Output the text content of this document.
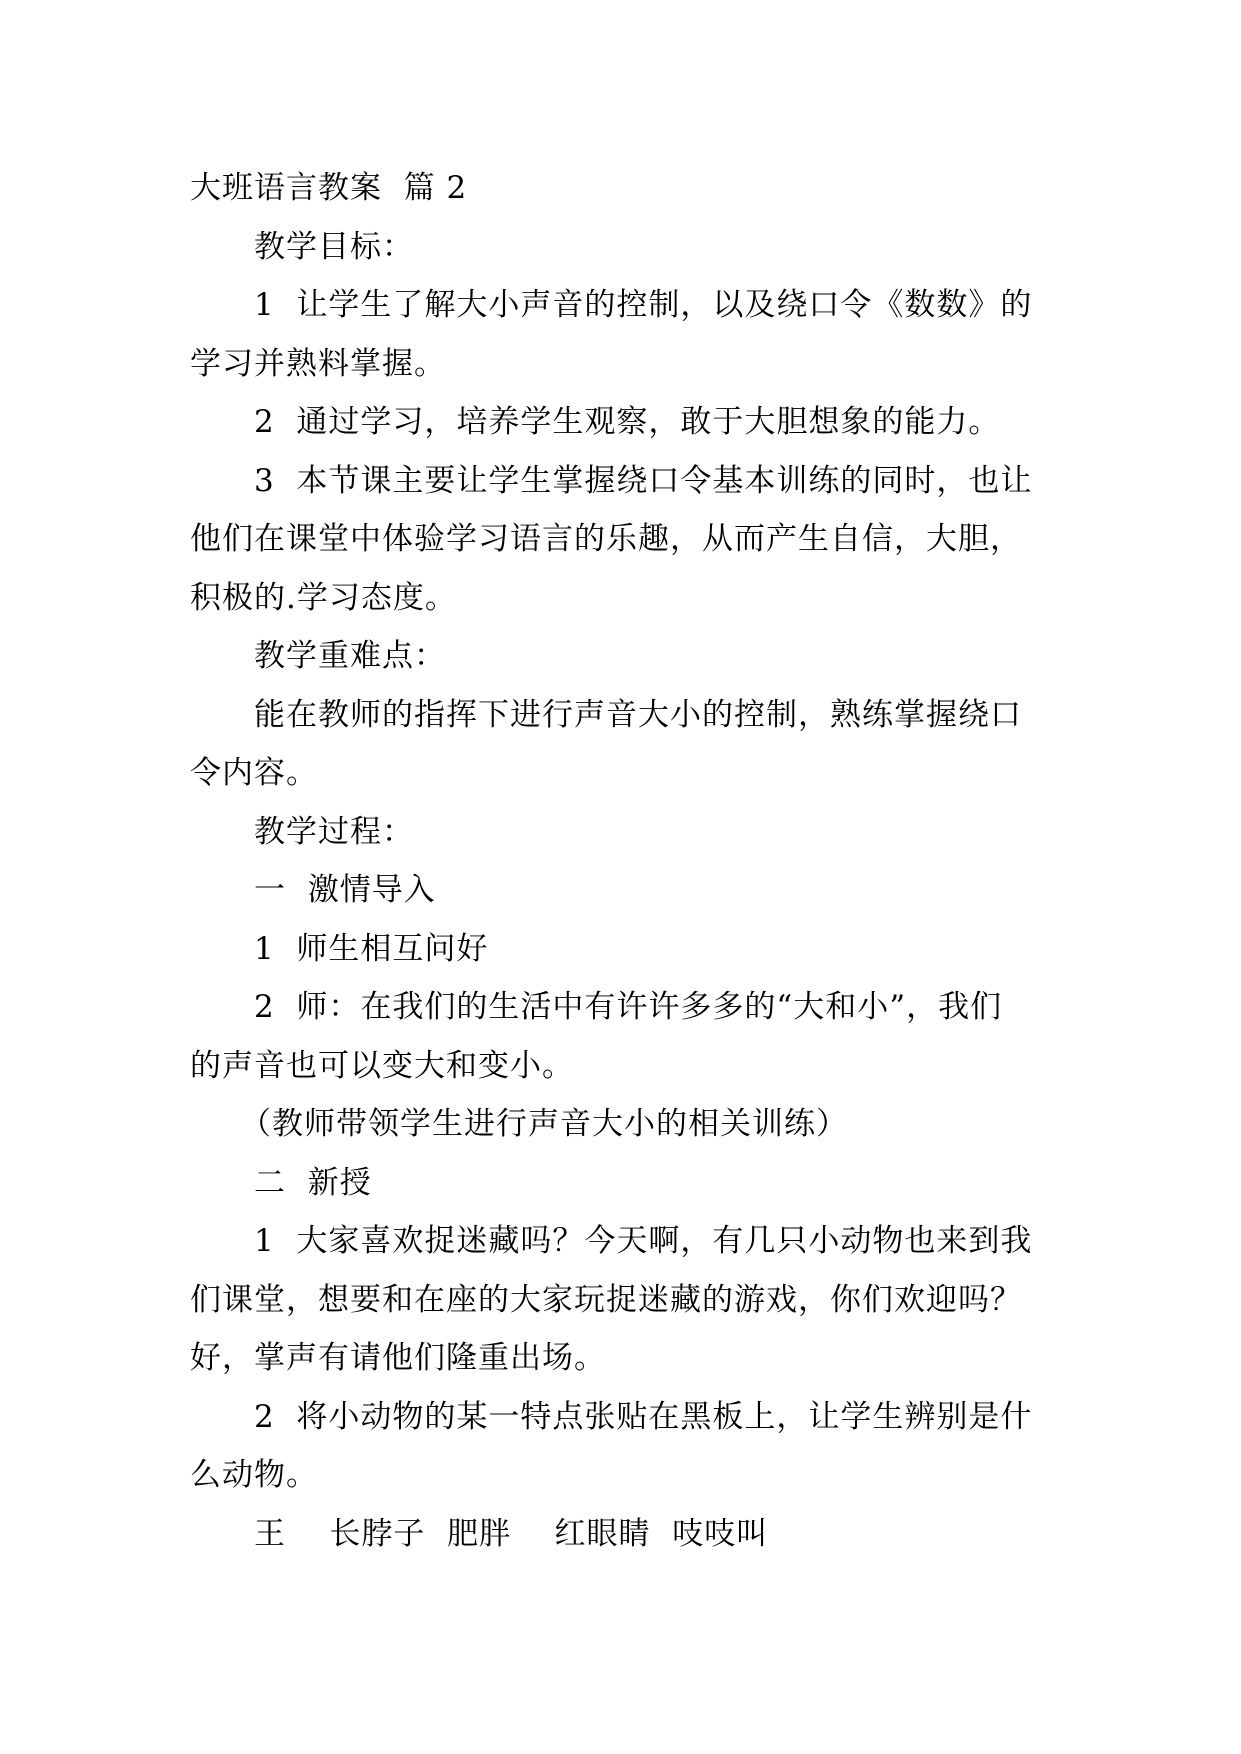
大班语言教案  篇 2
教学目标：
1  让学生了解大小声音的控制，以及绕口令《数数》的
学习并熟料掌握。
2  通过学习，培养学生观察，敢于大胆想象的能力。
3  本节课主要让学生掌握绕口令基本训练的同时，也让
他们在课堂中体验学习语言的乐趣，从而产生自信，大胆，
积极的.学习态度。
教学重难点：
能在教师的指挥下进行声音大小的控制，熟练掌握绕口
令内容。
教学过程：
一  激情导入
1  师生相互问好
2  师：在我们的生活中有许许多多的“大和小”，我们
的声音也可以变大和变小。
（教师带领学生进行声音大小的相关训练）
二  新授
1  大家喜欢捉迷藏吗？今天啊，有几只小动物也来到我
们课堂，想要和在座的大家玩捉迷藏的游戏，你们欢迎吗？
好，掌声有请他们隆重出场。
2  将小动物的某一特点张贴在黑板上，让学生辨别是什
么动物。
王    长脖子  肥胖    红眼睛  吱吱叫
